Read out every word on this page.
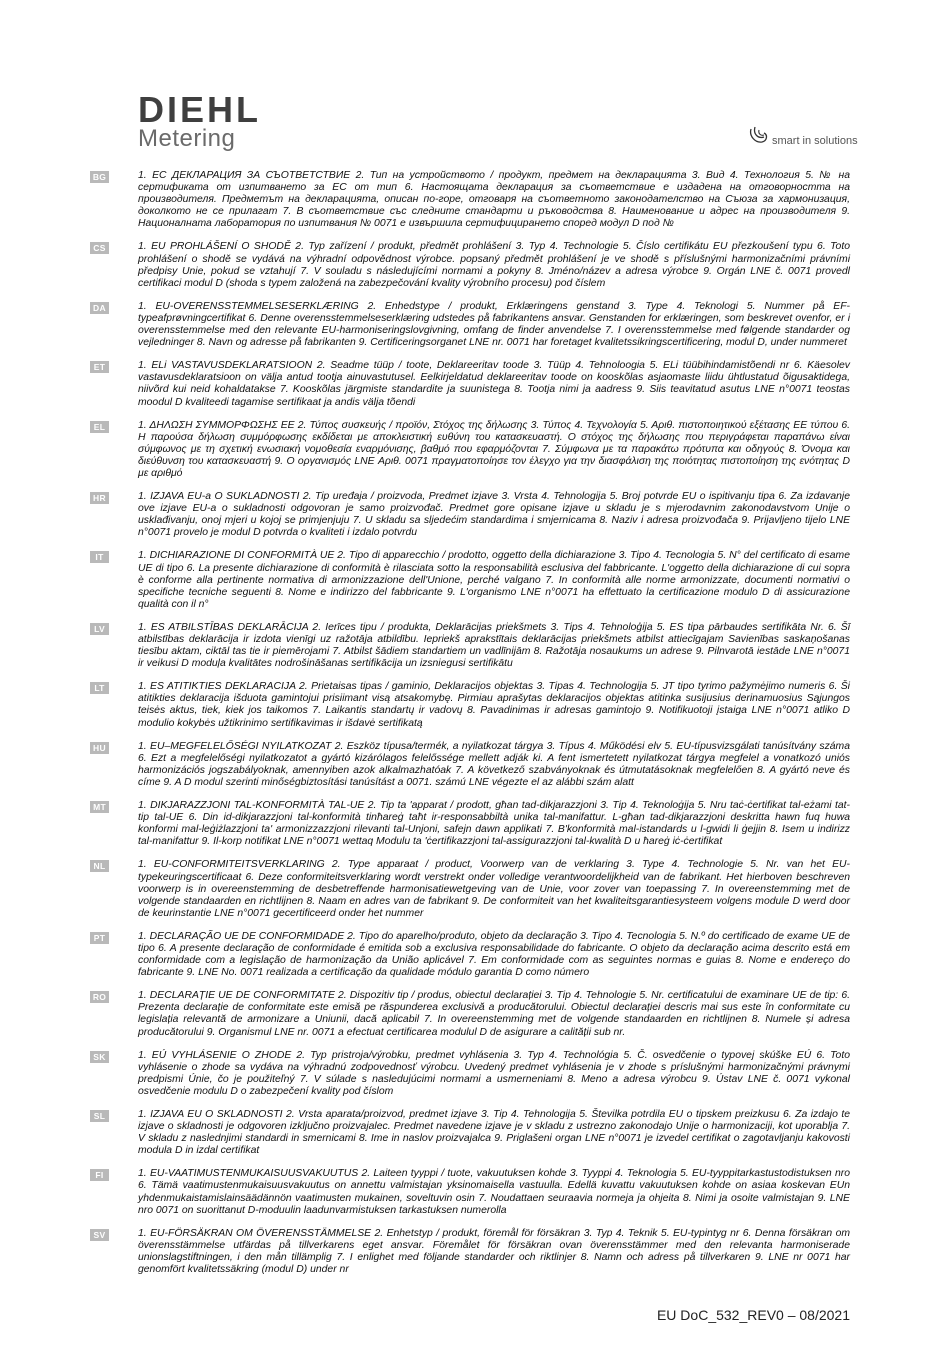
DIEHL
Metering	smart in solutions
BG	1. ЕС ДЕКЛАРАЦИЯ ЗА СЪОТВЕТСТВИЕ 2. Тип на устройството / продукт, предмет на декларацията 3. Вид 4. Технология 5. № на сертификата от изпитването за ЕС от тип 6. Настоящата декларация за съответствие е издадена на отговорността на производителя. Предметът на декларацията, описан по-горе, отговаря на съответното законодателство на Съюза за хармонизация, доколкото не се прилагат 7. В съответствие със следните стандарти и ръководства 8. Наименование и адрес на производителя 9. Националната лаборатория по изпитвания № 0071 е извършила сертифицирането според модул D под №
CS	1. EU PROHLÁŠENÍ O SHODĚ 2. Typ zařízení / produkt, předmět prohlášení 3. Typ 4. Technologie 5. Číslo certifikátu EU přezkoušení typu 6. Toto prohlášení o shodě se vydává na výhradní odpovědnost výrobce. popsaný předmět prohlášení je ve shodě s příslušnými harmonizačními právními předpisy Unie, pokud se vztahují 7. V souladu s následujícími normami a pokyny 8. Jméno/název a adresa výrobce 9. Orgán LNE č. 0071 provedl certifikaci modul D (shoda s typem založená na zabezpečování kvality výrobního procesu) pod číslem
DA	1. EU-OVERENSSTEMMELSESERKLÆRING 2. Enhedstype / produkt, Erklæringens genstand 3. Type 4. Teknologi 5. Nummer på EF-typeafprøvningcertifikat 6. Denne overensstemmelseserklæring udstedes på fabrikantens ansvar. Genstanden for erklæringen, som beskrevet ovenfor, er i overensstemmelse med den relevante EU-harmoniseringslovgivning, omfang de finder anvendelse 7. I overensstemmelse med følgende standarder og vejledninger 8. Navn og adresse på fabrikanten 9. Certificeringsorganet LNE nr. 0071 har foretaget kvalitetssikringscertificering, modul D, under nummeret
ET	1. ELi VASTAVUSDEKLARATSIOON 2. Seadme tüüp / toote, Deklareeritav toode 3. Tüüp 4. Tehnoloogia 5. ELi tüübihindamistõendi nr 6. Käesolev vastavusdeklaratsioon on välja antud tootja ainuvastutusel. Eelkirjeldatud deklareeritav toode on kooskõlas asjaomaste liidu ühtlustatud õigusaktidega, niivõrd kui neid kohaldatakse 7. Kooskõlas järgmiste standardite ja suunistega 8. Tootja nimi ja aadress 9. Siis teavitatud asutus LNE n°0071 teostas moodul D kvaliteedi tagamise sertifikaat ja andis välja tõendi
EL	1. ΔΗΛΩΣΗ ΣΥΜΜΟΡΦΩΣΗΣ ΕΕ 2. Τύπος συσκευής / προϊόν, Στόχος της δήλωσης 3. Τύπος 4. Τεχνολογία 5. Αριθ. πιστοποιητικού εξέτασης ΕΕ τύπου 6. Η παρούσα δήλωση συμμόρφωσης εκδίδεται με αποκλειστική ευθύνη του κατασκευαστή. Ο στόχος της δήλωσης που περιγράφεται παραπάνω είναι σύμφωνος με τη σχετική ενωσιακή νομοθεσία εναρμόνισης, βαθμό που εφαρμόζονται 7. Σύμφωνα με τα παρακάτω πρότυπα και οδηγούς 8. Όνομα και διεύθυνση του κατασκευαστή 9. Ο οργανισμός LNE Αριθ. 0071 πραγματοποίησε τον έλεγχο για την διασφάλιση της ποιότητας πιστοποίηση της ενότητας D με αριθμό
HR	1. IZJAVA EU-a O SUKLADNOSTI 2. Tip uređaja / proizvoda, Predmet izjave 3. Vrsta 4. Tehnologija 5. Broj potvrde EU o ispitivanju tipa 6. Za izdavanje ove izjave EU-a o sukladnosti odgovoran je samo proizvođač. Predmet gore opisane izjave u skladu je s mjerodavnim zakonodavstvom Unije o usklađivanju, onoj mjeri u kojoj se primjenjuju 7. U skladu sa sljedećim standardima i smjernicama 8. Naziv i adresa proizvođača 9. Prijavljeno tijelo LNE n°0071 provelo je modul D potvrda o kvaliteti i izdalo potvrdu
IT	1. DICHIARAZIONE DI CONFORMITÀ UE 2. Tipo di apparecchio / prodotto, oggetto della dichiarazione 3. Tipo 4. Tecnologia 5. N° del certificato di esame UE di tipo 6. La presente dichiarazione di conformità è rilasciata sotto la responsabilità esclusiva del fabbricante. L'oggetto della dichiarazione di cui sopra è conforme alla pertinente normativa di armonizzazione dell'Unione, perché valgano 7. In conformità alle norme armonizzate, documenti normativi o specifiche tecniche seguenti 8. Nome e indirizzo del fabbricante 9. L'organismo LNE n°0071 ha effettuato la certificazione modulo D di assicurazione qualità con il n°
LV	1. ES ATBILSTĪBAS DEKLARĀCIJA 2. Ierīces tipu / produkta, Deklarācijas priekšmets 3. Tips 4. Tehnoloģija 5. ES tipa pārbaudes sertifikāta Nr. 6. Šī atbilstības deklarācija ir izdota vienīgi uz ražotāja atbildību. Iepriekš aprakstītais deklarācijas priekšmets atbilst attiecīgajam Savienības saskaņošanas tiesību aktam, ciktāl tas tie ir piemērojami 7. Atbilst šādiem standartiem un vadlīnijām 8. Ražotāja nosaukums un adrese 9. Pilnvarotā iestāde LNE n°0071 ir veikusi D moduļa kvalitātes nodrošināšanas sertifikācija un izsniegusi sertifikātu
LT	1. ES ATITIKTIES DEKLARACIJA 2. Prietaisas tipas / gaminio, Deklaracijos objektas 3. Tipas 4. Technologija 5. JT tipo tyrimo pažymėjimo numeris 6. Ši atitikties deklaracija išduota gamintojui prisiimant visą atsakomybę. Pirmiau aprašytas deklaracijos objektas atitinka susijusius derinamuosius Sąjungos teisės aktus, tiek, kiek jos taikomos 7. Laikantis standartų ir vadovų 8. Pavadinimas ir adresas gamintojo 9. Notifikuotoji įstaiga LNE n°0071 atliko D modulio kokybės užtikrinimo sertifikavimas ir išdavė sertifikatą
HU	1. EU–MEGFELELŐSÉGI NYILATKOZAT 2. Eszköz típusa/termék, a nyilatkozat tárgya 3. Típus 4. Működési elv 5. EU-típusvizsgálati tanúsítvány száma 6. Ezt a megfelelőségi nyilatkozatot a gyártó kizárólagos felelőssége mellett adják ki. A fent ismertetett nyilatkozat tárgya megfelel a vonatkozó uniós harmonizációs jogszabályoknak, amennyiben azok alkalmazhatóak 7. A következő szabványoknak és útmutatásoknak megfelelően 8. A gyártó neve és címe 9. A D modul szerinti minőségbiztosítási tanúsítást a 0071. számú LNE végezte el az alábbi szám alatt
MT	1. DIKJARAZZJONI TAL-KONFORMITÀ TAL-UE 2. Tip ta 'apparat / prodott, għan tad-dikjarazzjoni 3. Tip 4. Teknoloġija 5. Nru taċ-ċertifikat tal-eżami tat-tip tal-UE 6. Din id-dikjarazzjoni tal-konformità tinħareġ taħt ir-responsabbiltà unika tal-manifattur. L-għan tad-dikjarazzjoni deskritta hawn fuq huwa konformi mal-leġiżlazzjoni ta' armonizzazzjoni rilevanti tal-Unjoni, safejn dawn applikati 7. B'konformità mal-istandards u l-gwidi li ġejjin 8. Isem u indirizz tal-manifattur 9. Il-korp notifikat LNE n°0071 wettaq Modulu ta 'ċertifikazzjoni tal-assigurazzjoni tal-kwalità D u ħareġ iċ-ċertifikat
NL	1. EU-CONFORMITEITSVERKLARING 2. Type apparaat / product, Voorwerp van de verklaring 3. Type 4. Technologie 5. Nr. van het EU-typekeuringscertificaat 6. Deze conformiteitsverklaring wordt verstrekt onder volledige verantwoordelijkheid van de fabrikant. Het hierboven beschreven voorwerp is in overeenstemming de desbetreffende harmonisatiewetgeving van de Unie, voor zover van toepassing 7. In overeenstemming met de volgende standaarden en richtlijnen 8. Naam en adres van de fabrikant 9. De conformiteit van het kwaliteitsgarantiesysteem volgens module D werd door de keurinstantie LNE n°0071 gecertificeerd onder het nummer
PT	1. DECLARAÇÃO UE DE CONFORMIDADE 2. Tipo do aparelho/produto, objeto da declaração 3. Tipo 4. Tecnologia 5. N.º do certificado de exame UE de tipo 6. A presente declaração de conformidade é emitida sob a exclusiva responsabilidade do fabricante. O objeto da declaração acima descrito está em conformidade com a legislação de harmonização da União aplicável 7. Em conformidade com as seguintes normas e guias 8. Nome e endereço do fabricante 9. LNE No. 0071 realizada a certificação da qualidade módulo garantia D como número
RO	1. DECLARAȚIE UE DE CONFORMITATE 2. Dispozitiv tip / produs, obiectul declarației 3. Tip 4. Tehnologie 5. Nr. certificatului de examinare UE de tip: 6. Prezenta declarație de conformitate este emisă pe răspunderea exclusivă a producătorului. Obiectul declarației descris mai sus este în conformitate cu legislația relevantă de armonizare a Uniunii, dacă aplicabil 7. In overeenstemming met de volgende standaarden en richtlijnen 8. Numele și adresa producătorului 9. Organismul LNE nr. 0071 a efectuat certificarea modulul D de asigurare a calității sub nr.
SK	1. EÚ VYHLÁSENIE O ZHODE 2. Typ pristroja/výrobku, predmet vyhlásenia 3. Typ 4. Technológia 5. Č. osvedčenie o typovej skúške EÚ 6. Toto vyhlásenie o zhode sa vydáva na výhradnú zodpovednosť výrobcu. Uvedený predmet vyhlásenia je v zhode s príslušnými harmonizačnými právnymi predpismi Únie, čo je použiteľný 7. V súlade s nasledujúcimi normami a usmerneniami 8. Meno a adresa výrobcu 9. Ústav LNE č. 0071 vykonal osvedčenie modulu D o zabezpečení kvality pod číslom
SL	1. IZJAVA EU O SKLADNOSTI 2. Vrsta aparata/proizvod, predmet izjave 3. Tip 4. Tehnologija 5. Številka potrdila EU o tipskem preizkusu 6. Za izdajo te izjave o skladnosti je odgovoren izključno proizvajalec. Predmet navedene izjave je v skladu z ustrezno zakonodajo Unije o harmonizaciji, kot uporablja 7. V skladu z naslednjimi standardi in smernicami 8. Ime in naslov proizvajalca 9. Priglašeni organ LNE n°0071 je izvedel certifikat o zagotavljanju kakovosti modula D in izdal certifikat
FI	1. EU-VAATIMUSTENMUKAISUUSVAKUUTUS 2. Laiteen tyyppi / tuote, vakuutuksen kohde 3. Tyyppi 4. Teknologia 5. EU-tyyppitarkastustodistuksen nro 6. Tämä vaatimustenmukaisuusvakuutus on annettu valmistajan yksinomaisella vastuulla. Edellä kuvattu vakuutuksen kohde on asiaa koskevan EUn yhdenmukaistamislainsäädännön vaatimusten mukainen, soveltuvin osin 7. Noudattaen seuraavia normeja ja ohjeita 8. Nimi ja osoite valmistajan 9. LNE nro 0071 on suorittanut D-moduulin laadunvarmistuksen tarkastuksen numerolla
SV	1. EU-FÖRSÄKRAN OM ÖVERENSSTÄMMELSE 2. Enhetstyp / produkt, föremål för försäkran 3. Typ 4. Teknik 5. EU-typintyg nr 6. Denna försäkran om överensstämmelse utfärdas på tillverkarens eget ansvar. Föremålet för försäkran ovan överensstämmer med den relevanta harmoniserade unionslagstiftningen, i den mån tillämplig 7. I enlighet med följande standarder och riktlinjer 8. Namn och adress på tillverkaren 9. LNE nr 0071 har genomfört kvalitetssäkring (modul D) under nr
EU DoC_532_REV0 – 08/2021
